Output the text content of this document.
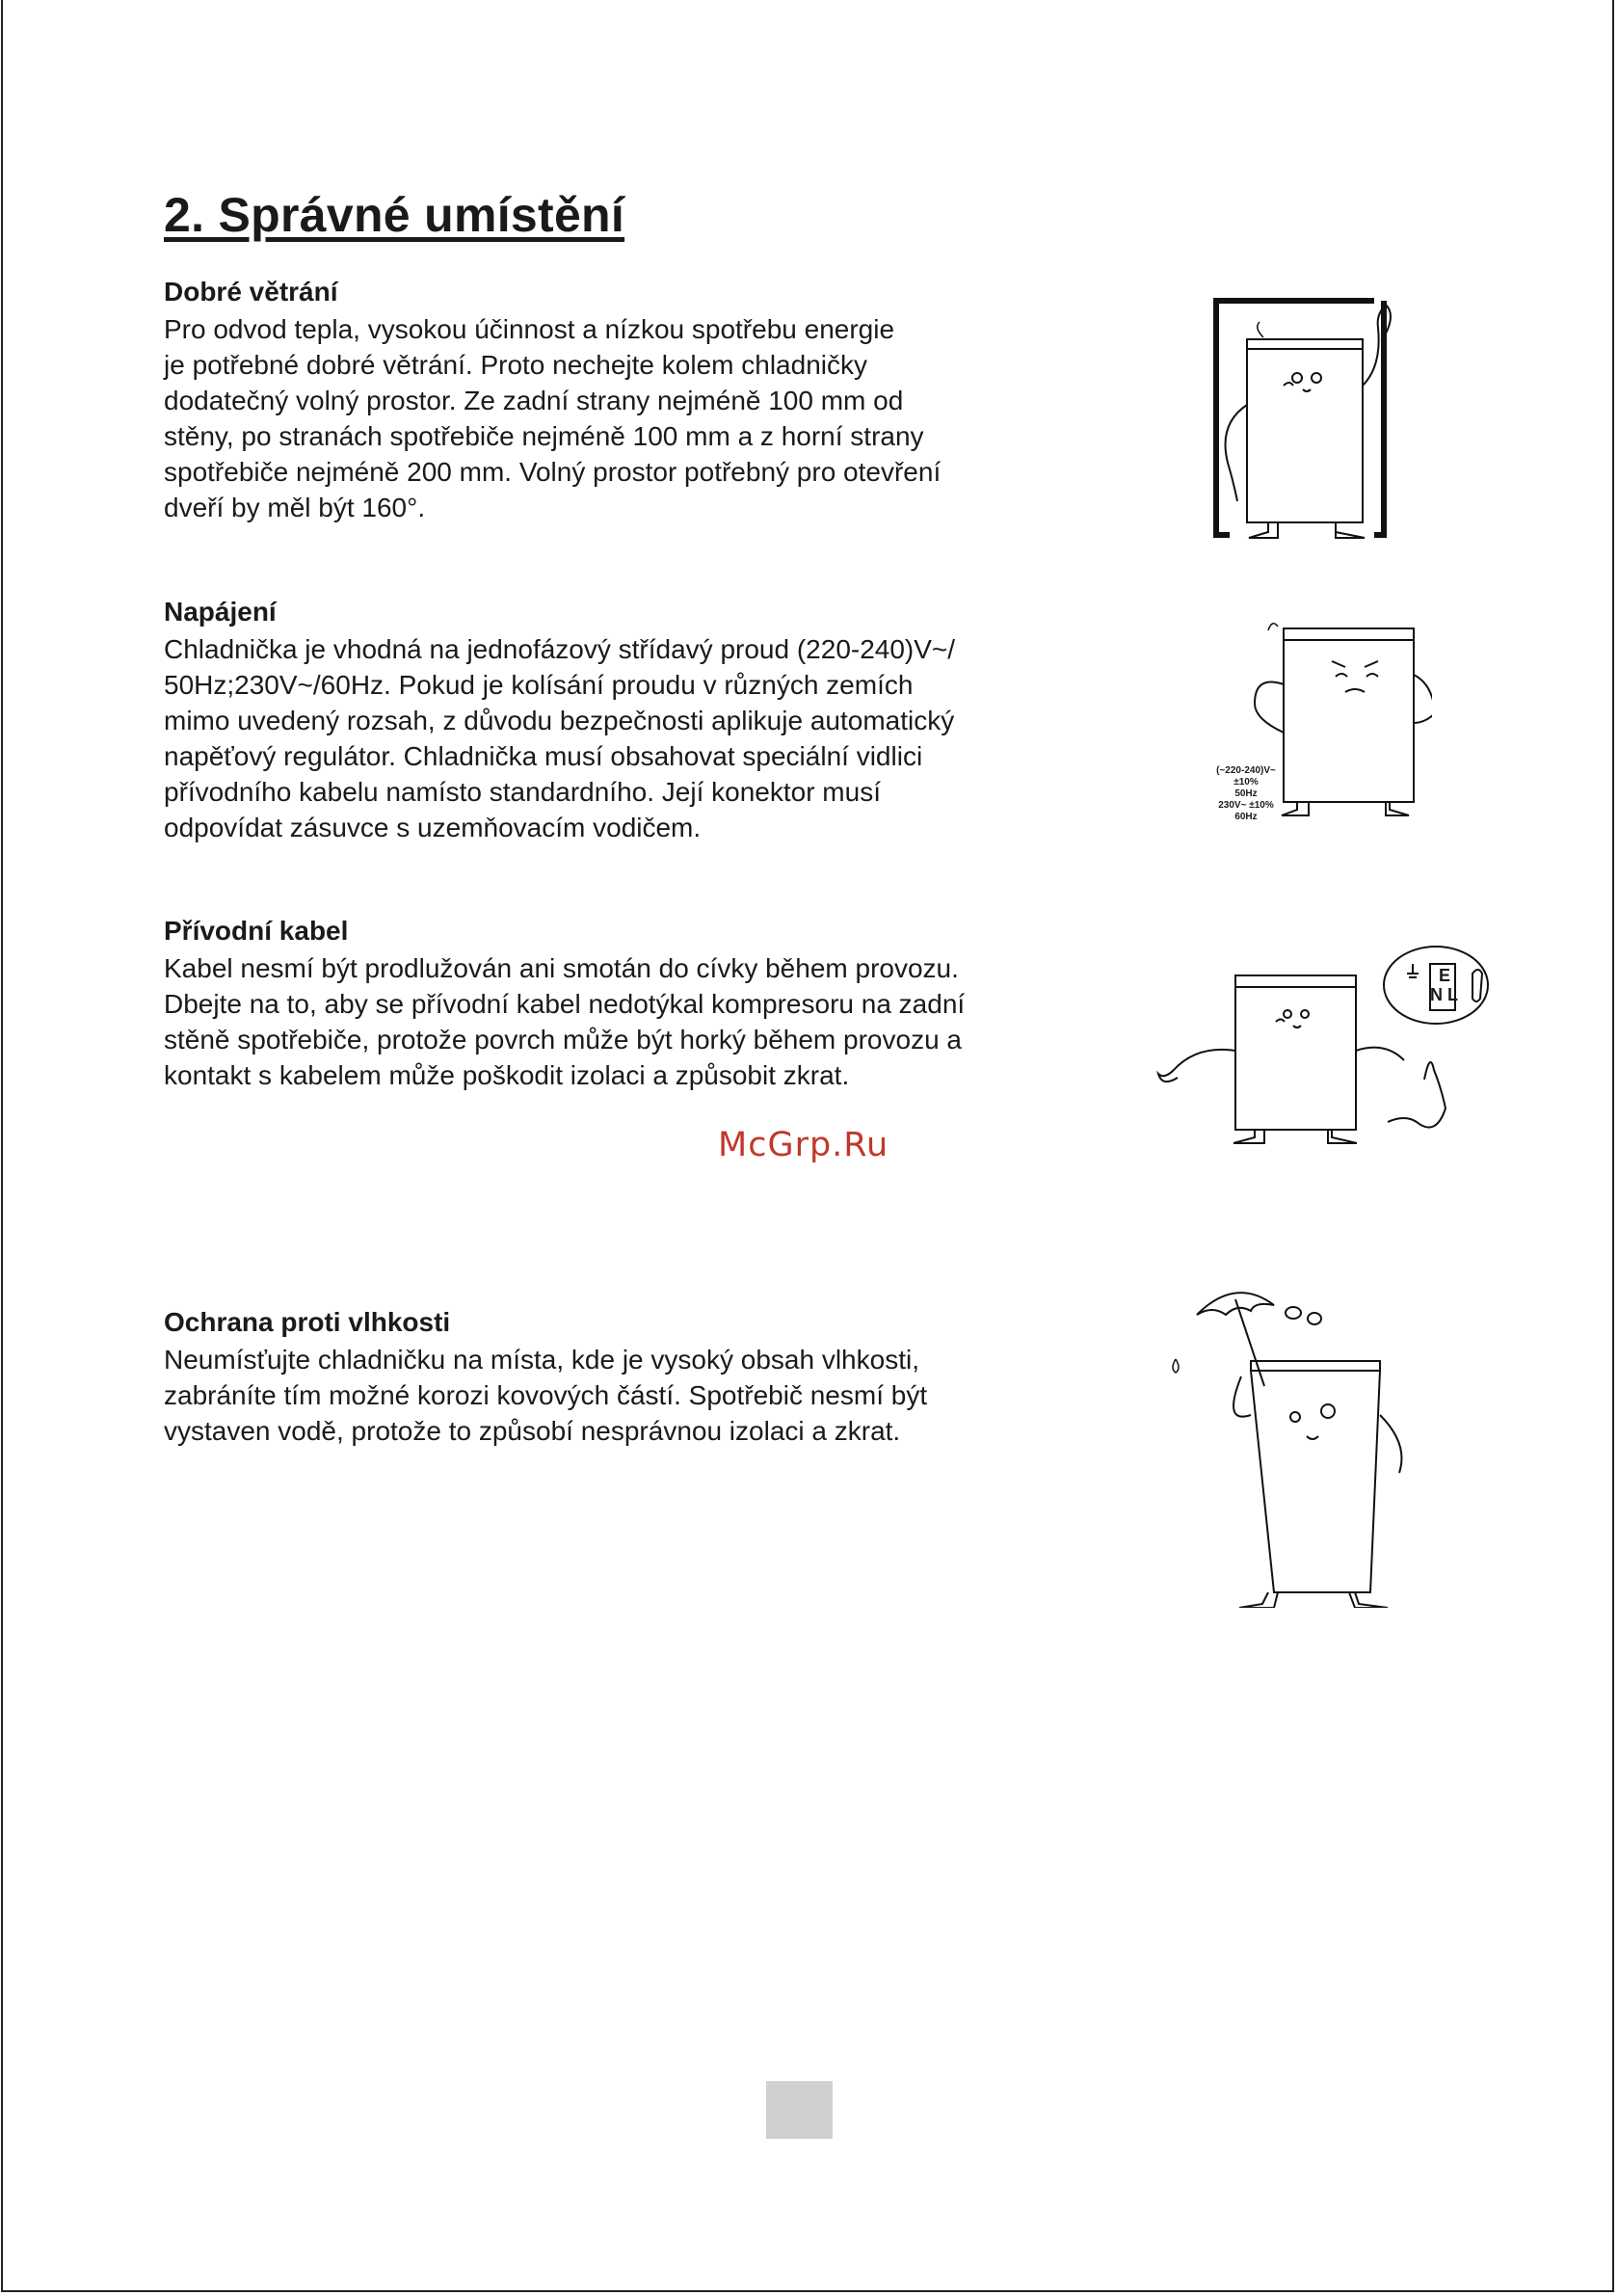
2. Správné umístění
Dobré větrání

Pro odvod tepla, vysokou účinnost a nízkou spotřebu energie
je potřebné dobré větrání. Proto nechejte kolem chladničky
dodatečný volný prostor. Ze zadní strany nejméně 100 mm od
stěny, po stranách spotřebiče nejméně 100 mm a z horní strany
spotřebiče nejméně 200 mm. Volný prostor potřebný pro otevření
dveří by měl být 160°.

Napájení

Chladnička je vhodná na jednofázový střídavý proud (220-240)V~/
50Hz;230V~/60Hz. Pokud je kolísání proudu v různých zemích
mimo uvedený rozsah, z důvodu bezpečnosti aplikuje automatický
napěťový regulátor. Chladnička musí obsahovat speciální vidlici
přívodního kabelu namísto standardního. Její konektor musí
odpovídat zásuvce s uzemňovacím vodičem.

Přívodní kabel

Kabel nesmí být prodlužován ani smotán do cívky během provozu.
Dbejte na to, aby se přívodní kabel nedotýkal kompresoru na zadní
stěně spotřebiče, protože povrch může být horký během provozu a
kontakt s kabelem může poškodit izolaci a způsobit zkrat.

Ochrana proti vlhkosti

Neumísťujte chladničku na místa, kde je vysoký obsah vlhkosti,
zabráníte tím možné korozi kovových částí. Spotřebič nesmí být
vystaven vodě, protože to způsobí nesprávnou izolaci a zkrat.

McGrp.Ru
(~220-240)V~
±10%
50Hz
230V~ ±10%
60Hz
E
N L
